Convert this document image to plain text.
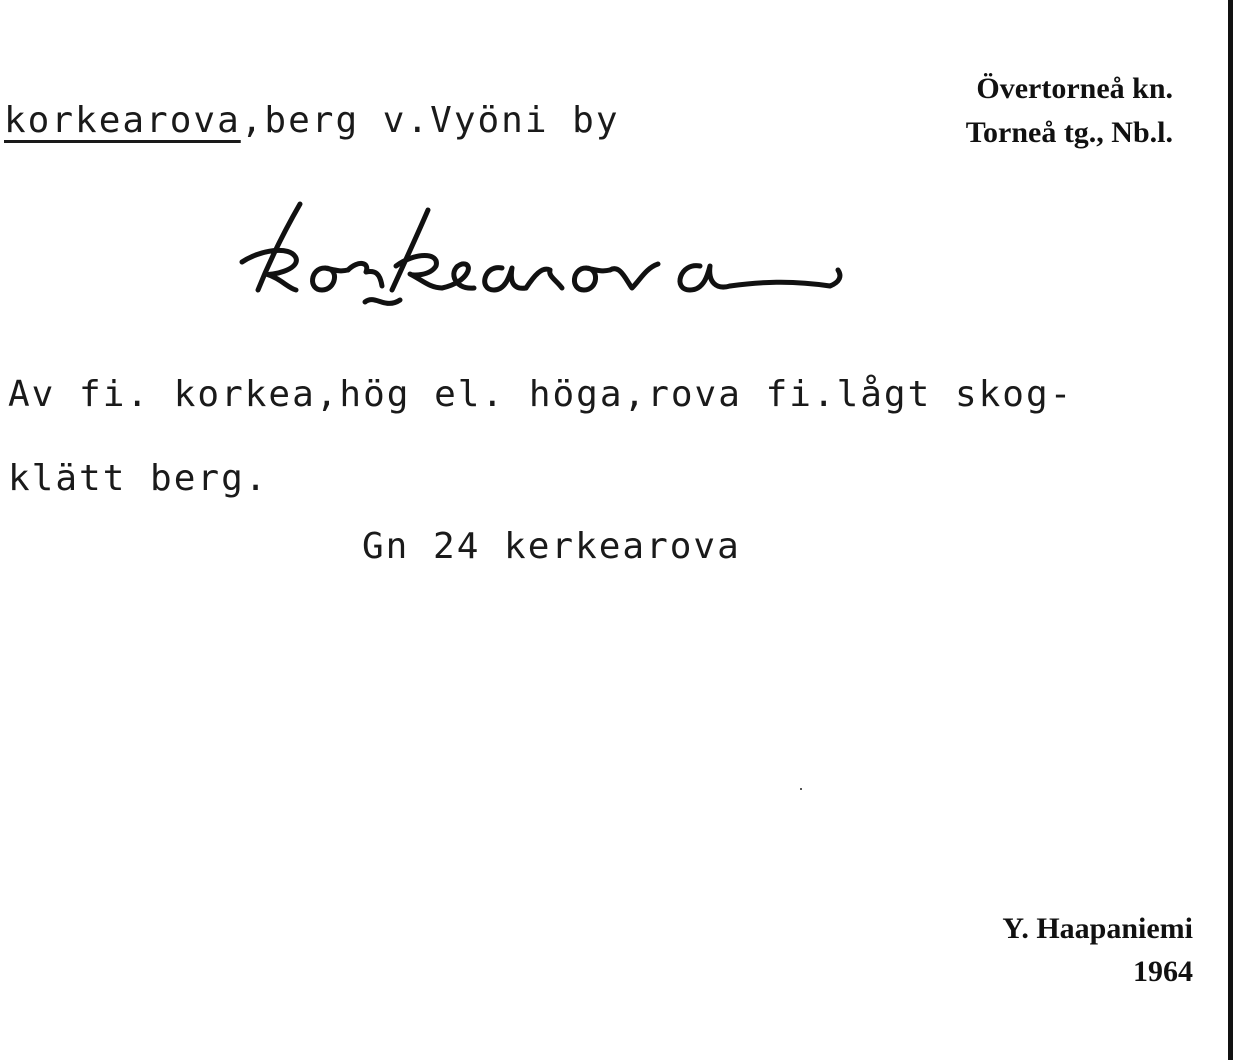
korkearova,berg v.Vyöni by
Övertorneå kn.
Torneå tg., Nb.l.
Av fi. korkea,hög el. höga,rova fi.lågt skog-
klätt berg.
Gn 24 kerkearova
Y. Haapaniemi
1964
